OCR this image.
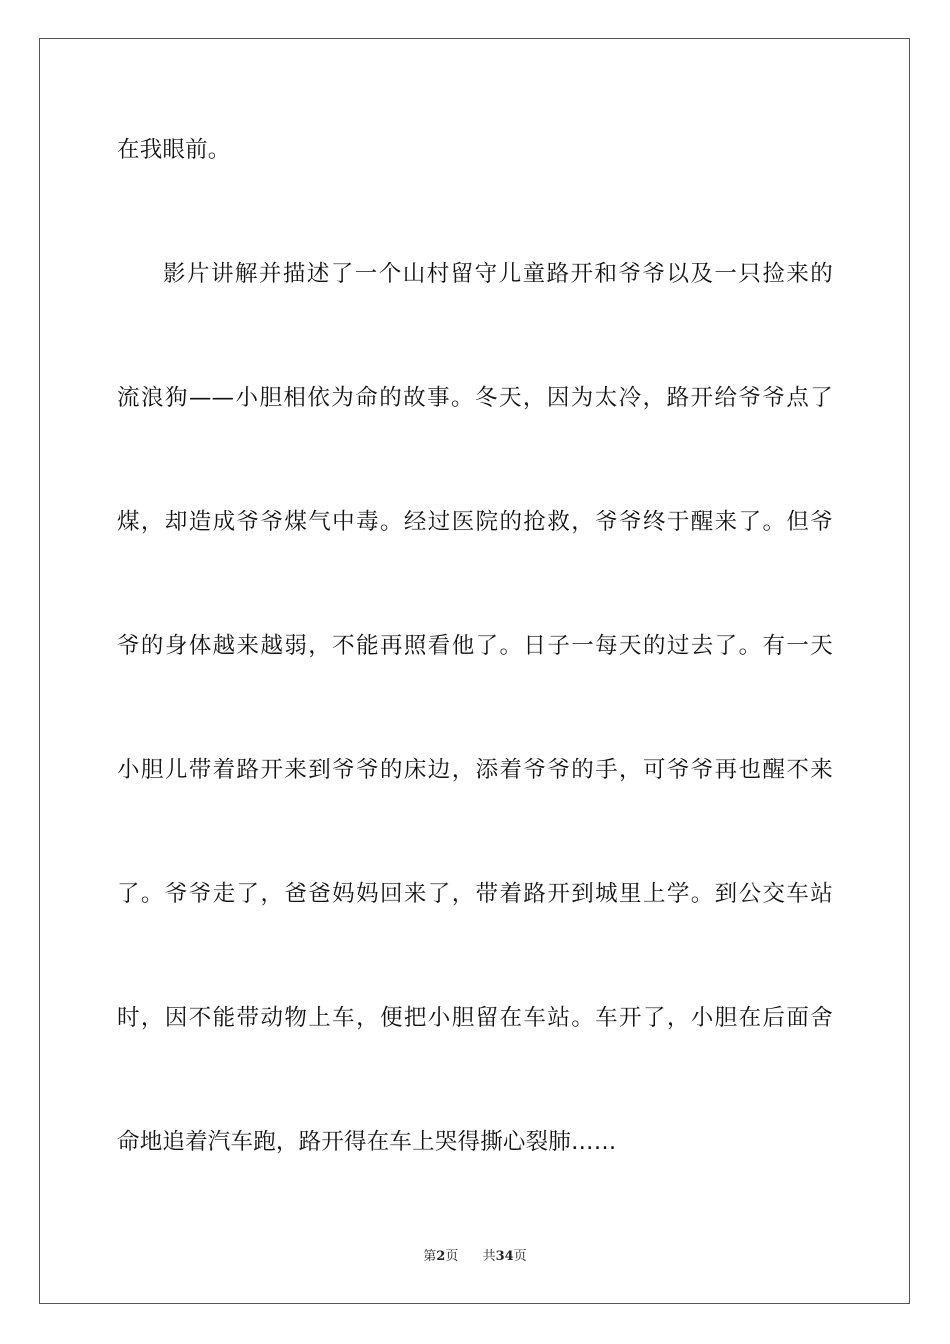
在我眼前。
影片讲解并描述了一个山村留守儿童路开和爷爷以及一只捡来的
流浪狗——小胆相依为命的故事。冬天，因为太冷，路开给爷爷点了
煤，却造成爷爷煤气中毒。经过医院的抢救，爷爷终于醒来了。但爷
爷的身体越来越弱，不能再照看他了。日子一每天的过去了。有一天
小胆儿带着路开来到爷爷的床边，添着爷爷的手，可爷爷再也醒不来
了。爷爷走了，爸爸妈妈回来了，带着路开到城里上学。到公交车站
时，因不能带动物上车，便把小胆留在车站。车开了，小胆在后面舍
命地追着汽车跑，路开得在车上哭得撕心裂肺……
第2页 共34页
